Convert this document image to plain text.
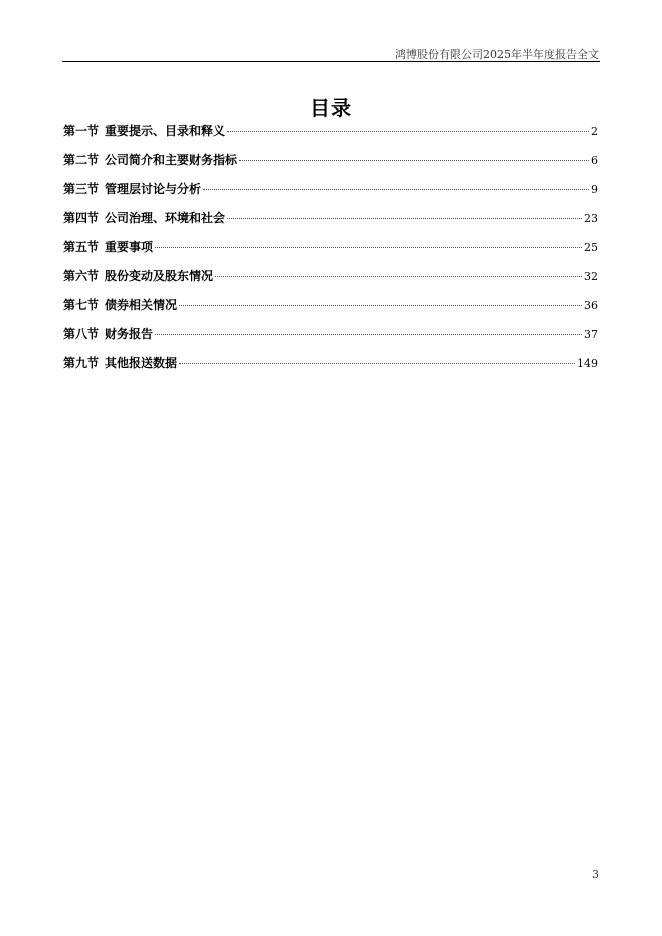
鸿博股份有限公司2025年半年度报告全文
目录
第一节 重要提示、目录和释义	2
第二节 公司简介和主要财务指标	6
第三节 管理层讨论与分析	9
第四节 公司治理、环境和社会	23
第五节 重要事项	25
第六节 股份变动及股东情况	32
第七节 债券相关情况	36
第八节 财务报告	37
第九节 其他报送数据	149
3
